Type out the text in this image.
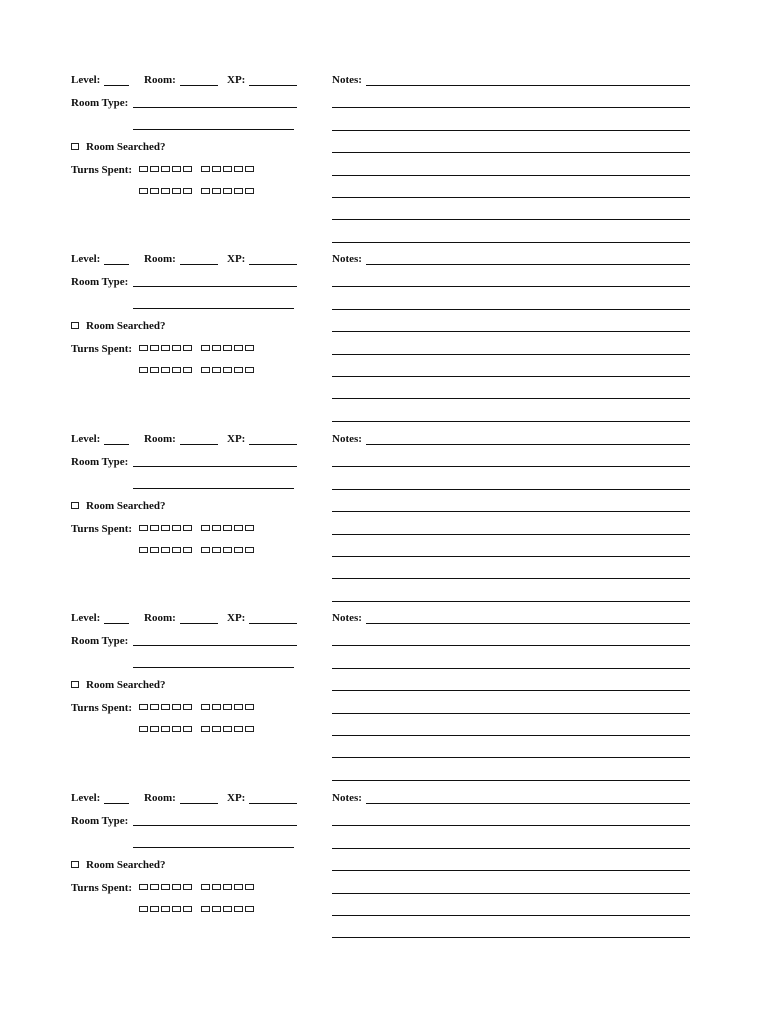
Level:	Room:	XP:
Room Type:
Room Searched?
Turns Spent:
Notes:
Level:	Room:	XP:
Room Type:
Room Searched?
Turns Spent:
Notes:
Level:	Room:	XP:
Room Type:
Room Searched?
Turns Spent:
Notes:
Level:	Room:	XP:
Room Type:
Room Searched?
Turns Spent:
Notes:
Level:	Room:	XP:
Room Type:
Room Searched?
Turns Spent:
Notes:
